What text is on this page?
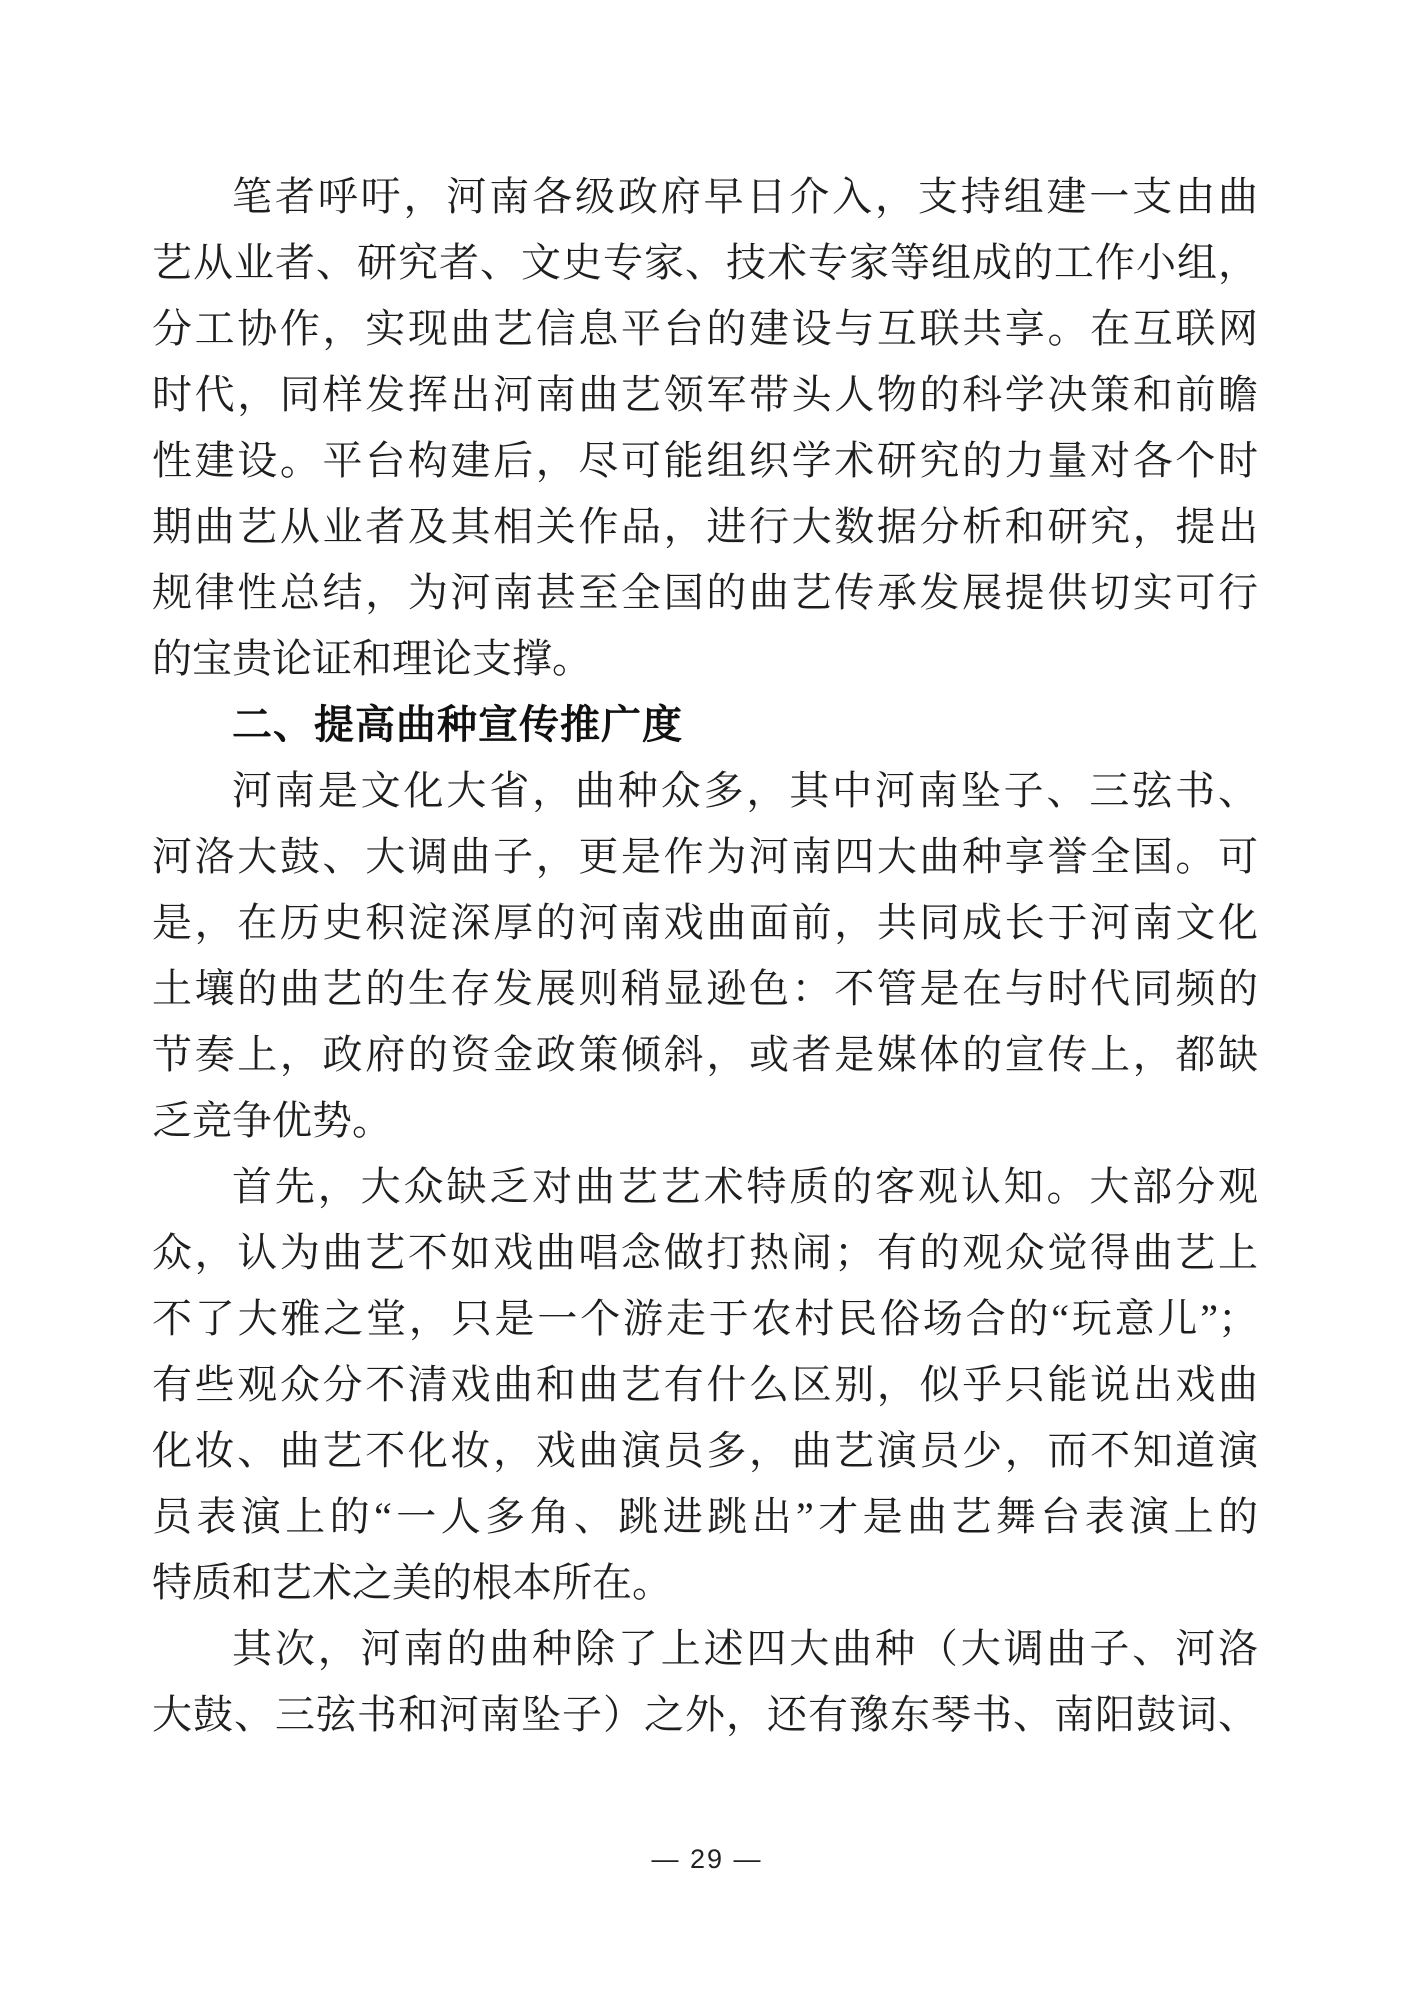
笔者呼吁，河南各级政府早日介入，支持组建一支由曲
艺从业者、研究者、文史专家、技术专家等组成的工作小组，
分工协作，实现曲艺信息平台的建设与互联共享。在互联网
时代，同样发挥出河南曲艺领军带头人物的科学决策和前瞻
性建设。平台构建后，尽可能组织学术研究的力量对各个时
期曲艺从业者及其相关作品，进行大数据分析和研究，提出
规律性总结，为河南甚至全国的曲艺传承发展提供切实可行
的宝贵论证和理论支撑。
二、提高曲种宣传推广度
河南是文化大省，曲种众多，其中河南坠子、三弦书、
河洛大鼓、大调曲子，更是作为河南四大曲种享誉全国。可
是，在历史积淀深厚的河南戏曲面前，共同成长于河南文化
土壤的曲艺的生存发展则稍显逊色：不管是在与时代同频的
节奏上，政府的资金政策倾斜，或者是媒体的宣传上，都缺
乏竞争优势。
首先，大众缺乏对曲艺艺术特质的客观认知。大部分观
众，认为曲艺不如戏曲唱念做打热闹；有的观众觉得曲艺上
不了大雅之堂，只是一个游走于农村民俗场合的“玩意儿”；
有些观众分不清戏曲和曲艺有什么区别，似乎只能说出戏曲
化妆、曲艺不化妆，戏曲演员多，曲艺演员少，而不知道演
员表演上的“一人多角、跳进跳出”才是曲艺舞台表演上的
特质和艺术之美的根本所在。
其次，河南的曲种除了上述四大曲种（大调曲子、河洛
大鼓、三弦书和河南坠子）之外，还有豫东琴书、南阳鼓词、
— 29 —
